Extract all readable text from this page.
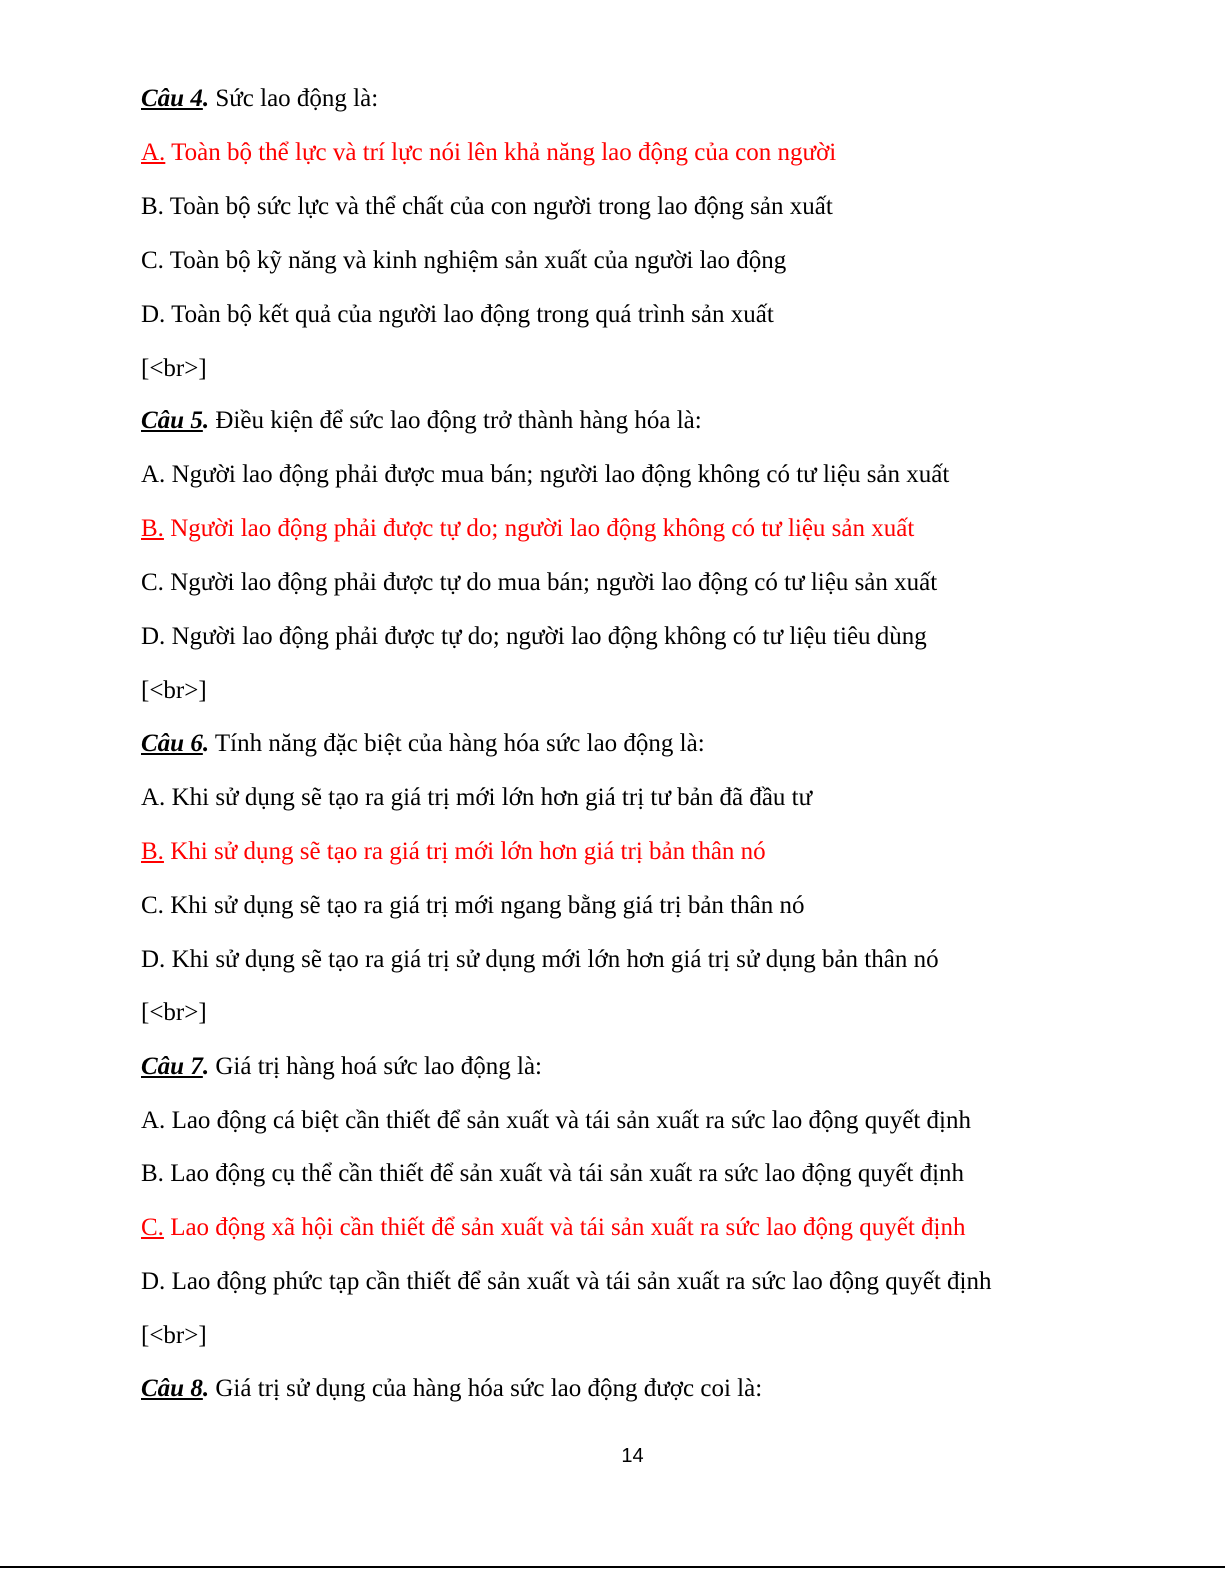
Câu 4. Sức lao động là:
A. Toàn bộ thể lực và trí lực nói lên khả năng lao động của con người
B. Toàn bộ sức lực và thể chất của con người trong lao động sản xuất
C. Toàn bộ kỹ năng và kinh nghiệm sản xuất của người lao động
D. Toàn bộ kết quả của người lao động trong quá trình sản xuất
[<br>]
Câu 5. Điều kiện để sức lao động trở thành hàng hóa là:
A. Người lao động phải được mua bán; người lao động không có tư liệu sản xuất
B. Người lao động phải được tự do; người lao động không có tư liệu sản xuất
C. Người lao động phải được tự do mua bán; người lao động có tư liệu sản xuất
D. Người lao động phải được tự do; người lao động không có tư liệu tiêu dùng
[<br>]
Câu 6. Tính năng đặc biệt của hàng hóa sức lao động là:
A. Khi sử dụng sẽ tạo ra giá trị mới lớn hơn giá trị tư bản đã đầu tư
B. Khi sử dụng sẽ tạo ra giá trị mới lớn hơn giá trị bản thân nó
C. Khi sử dụng sẽ tạo ra giá trị mới ngang bằng giá trị bản thân nó
D. Khi sử dụng sẽ tạo ra giá trị sử dụng mới lớn hơn giá trị sử dụng bản thân nó
[<br>]
Câu 7. Giá trị hàng hoá sức lao động là:
A. Lao động cá biệt cần thiết để sản xuất và tái sản xuất ra sức lao động quyết định
B. Lao động cụ thể cần thiết để sản xuất và tái sản xuất ra sức lao động quyết định
C. Lao động xã hội cần thiết để sản xuất và tái sản xuất ra sức lao động quyết định
D. Lao động phức tạp cần thiết để sản xuất và tái sản xuất ra sức lao động quyết định
[<br>]
Câu 8. Giá trị sử dụng của hàng hóa sức lao động được coi là:
14
